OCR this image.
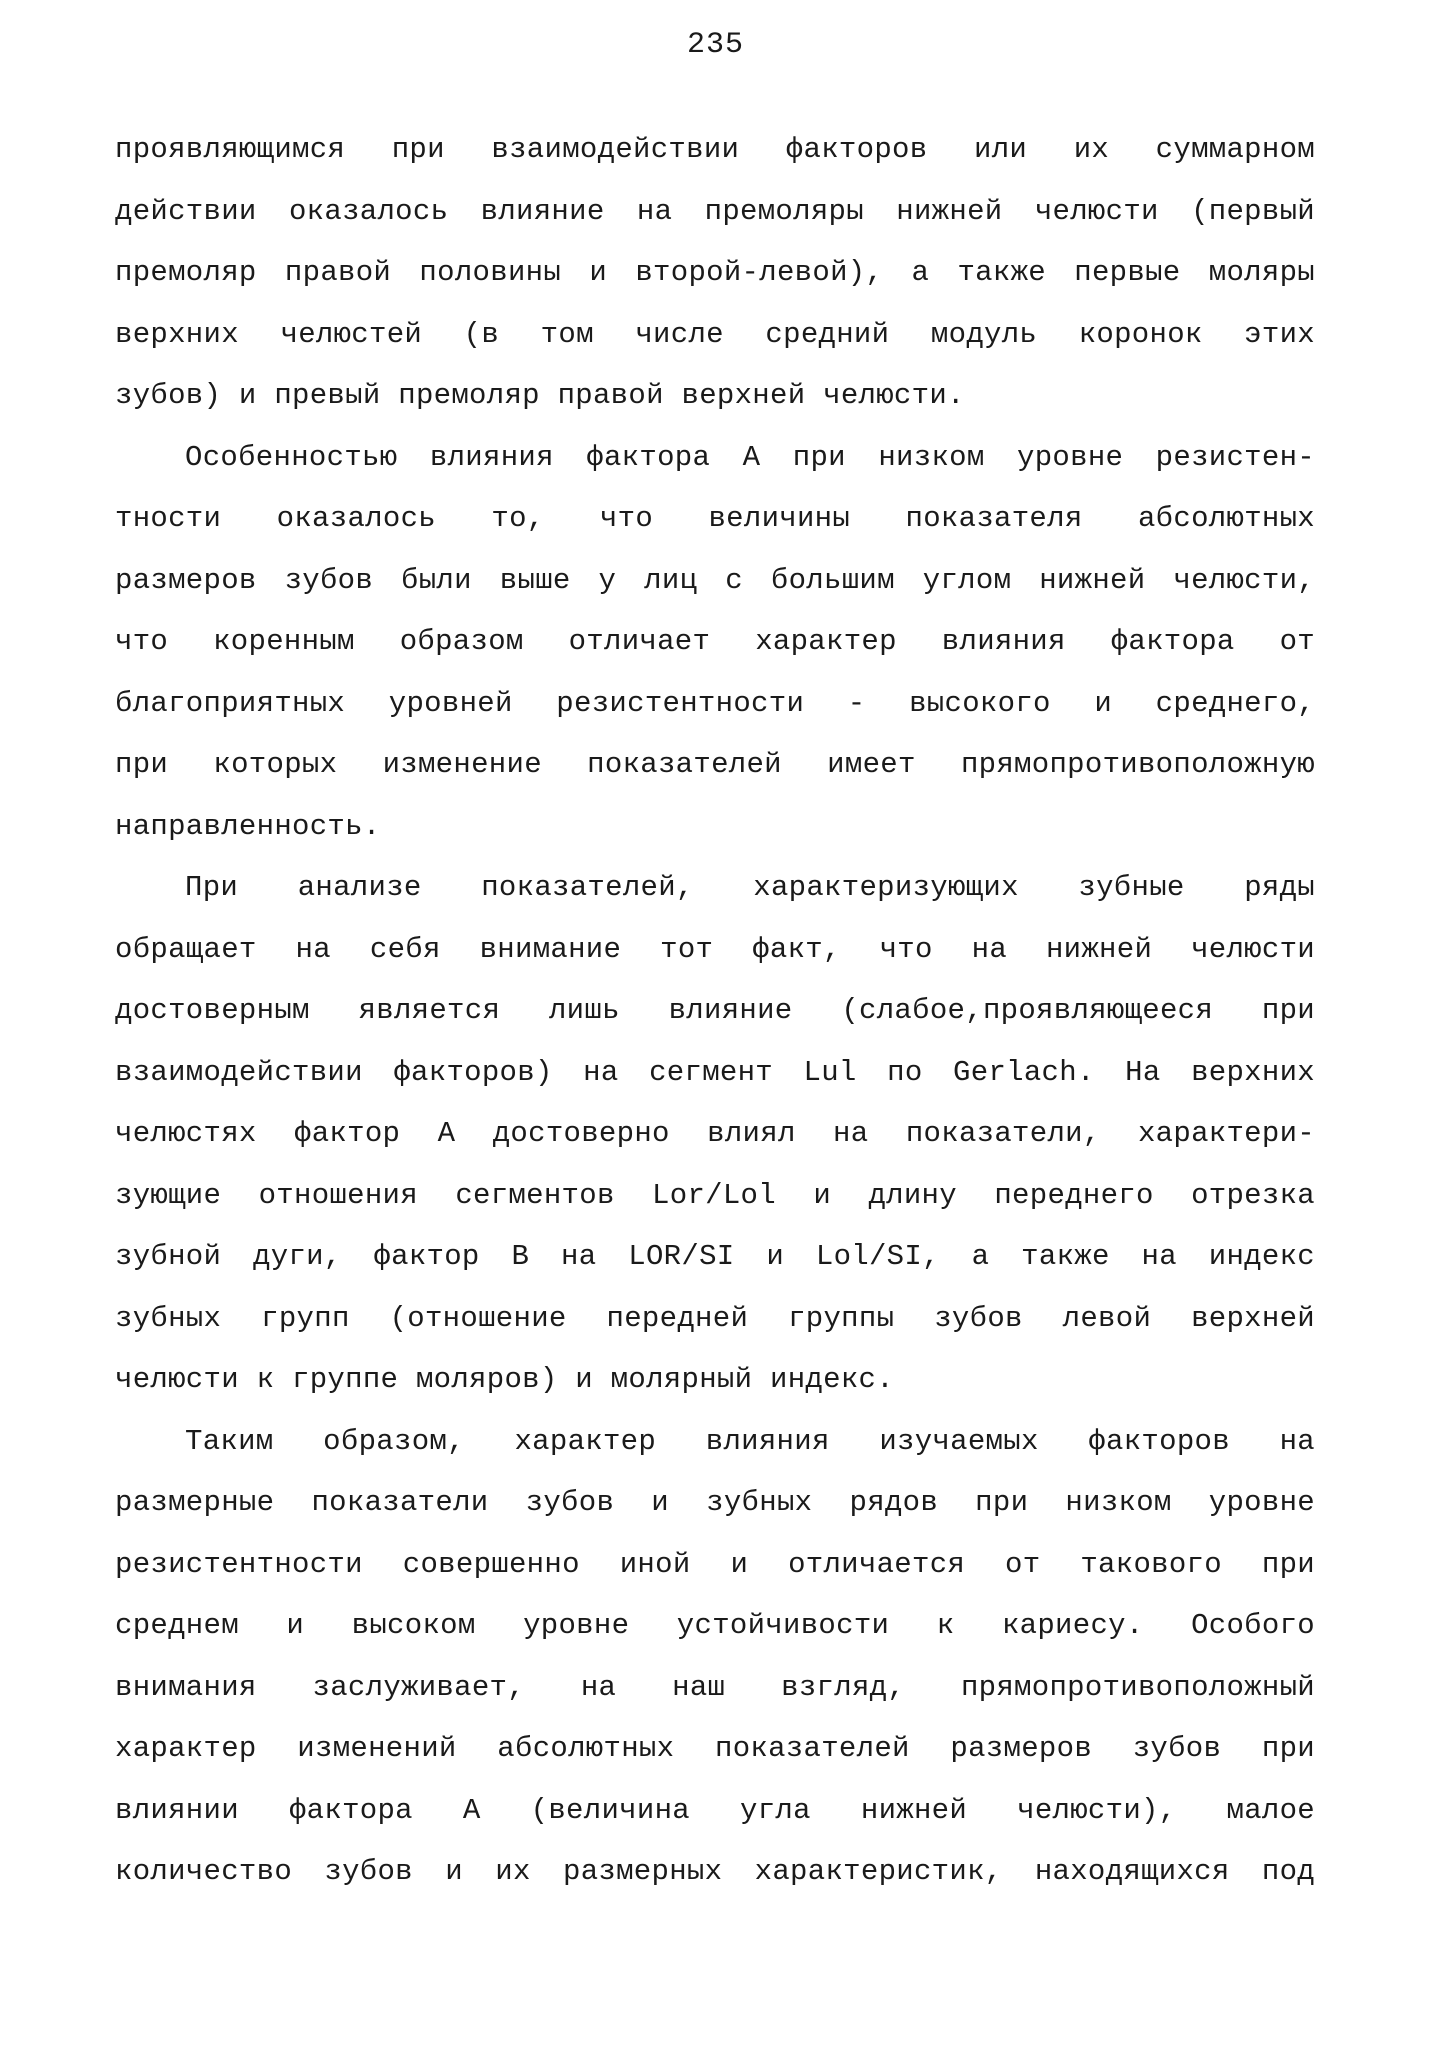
235
проявляющимся при взаимодействии факторов или их суммарном
действии оказалось влияние на премоляры нижней челюсти (первый
премоляр правой половины и второй-левой), а также первые моляры
верхних челюстей (в том числе средний модуль коронок этих
зубов) и превый премоляр правой верхней челюсти.
Особенностью влияния фактора А при низком уровне резистен-
тности оказалось то, что величины показателя абсолютных
размеров зубов были выше у лиц с большим углом нижней челюсти,
что коренным образом отличает характер влияния фактора от
благоприятных уровней резистентности - высокого и среднего,
при которых изменение показателей имеет прямопротивоположную
направленность.
При анализе показателей, характеризующих зубные ряды
обращает на себя внимание тот факт, что на нижней челюсти
достоверным является лишь влияние (слабое,проявляющееся при
взаимодействии факторов) на сегмент Lul по Gerlach. На верхних
челюстях фактор А достоверно влиял на показатели, характери-
зующие отношения сегментов Lor/Lol и длину переднего отрезка
зубной дуги, фактор В на LOR/SI и Lol/SI, а также на индекс
зубных групп (отношение передней группы зубов левой верхней
челюсти к группе моляров) и молярный индекс.
Таким образом, характер влияния изучаемых факторов на
размерные показатели зубов и зубных рядов при низком уровне
резистентности совершенно иной и отличается от такового при
среднем и высоком уровне устойчивости к кариесу. Особого
внимания заслуживает, на наш взгляд, прямопротивоположный
характер изменений абсолютных показателей размеров зубов при
влиянии фактора А (величина угла нижней челюсти), малое
количество зубов и их размерных характеристик, находящихся под
